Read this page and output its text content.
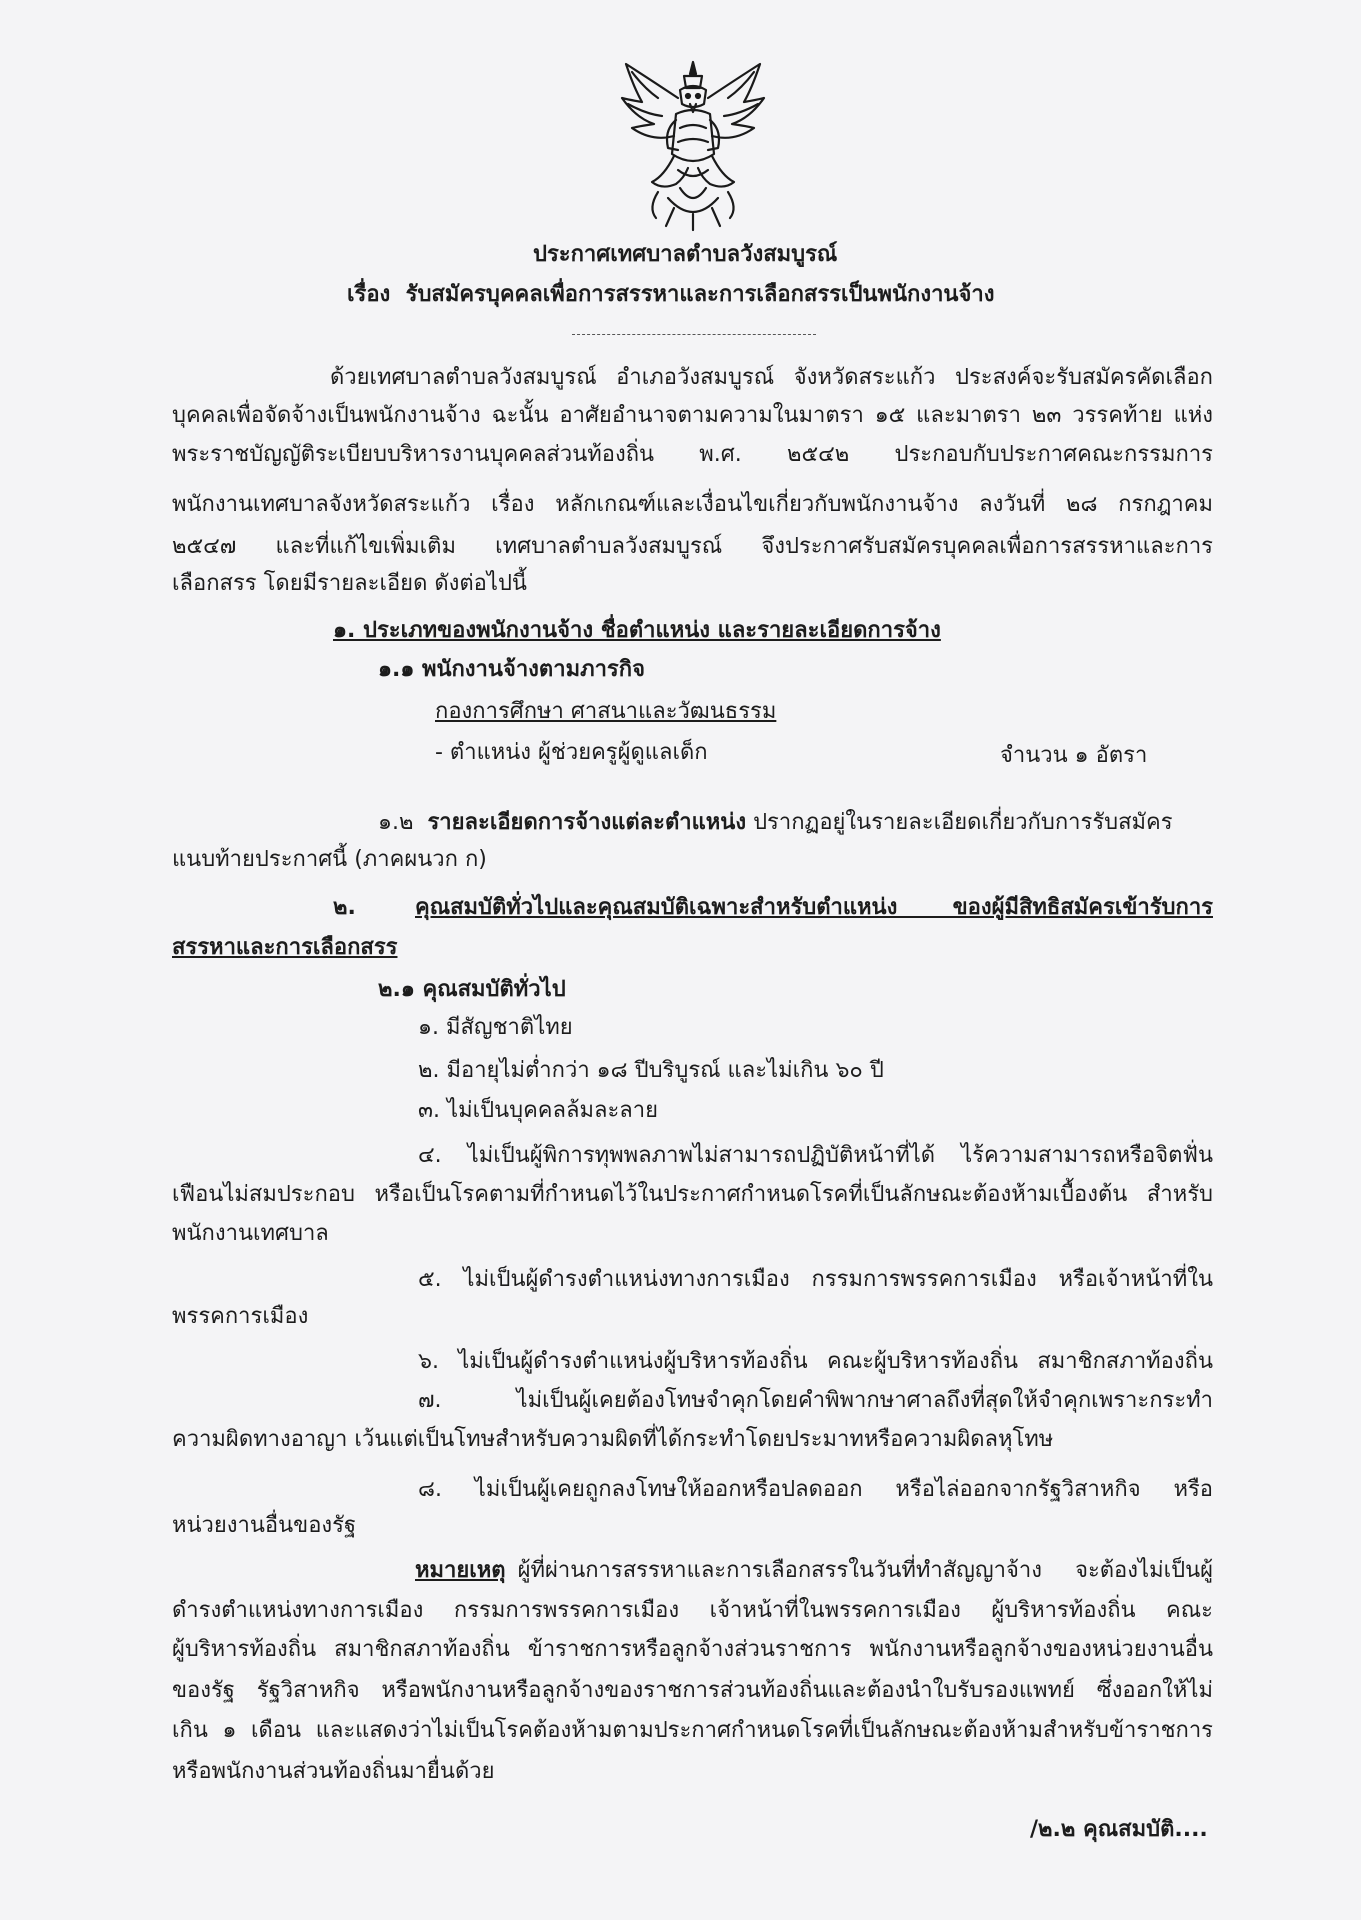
ประกาศเทศบาลตำบลวังสมบูรณ์
เรื่อง รับสมัครบุคคลเพื่อการสรรหาและการเลือกสรรเป็นพนักงานจ้าง
ด้วยเทศบาลตำบลวังสมบูรณ์ อำเภอวังสมบูรณ์ จังหวัดสระแก้ว ประสงค์จะรับสมัครคัดเลือก
บุคคลเพื่อจัดจ้างเป็นพนักงานจ้าง ฉะนั้น อาศัยอำนาจตามความในมาตรา ๑๕ และมาตรา ๒๓ วรรคท้าย แห่ง
พระราชบัญญัติระเบียบบริหารงานบุคคลส่วนท้องถิ่น พ.ศ. ๒๕๔๒ ประกอบกับประกาศคณะกรรมการ
พนักงานเทศบาลจังหวัดสระแก้ว เรื่อง หลักเกณฑ์และเงื่อนไขเกี่ยวกับพนักงานจ้าง ลงวันที่ ๒๘ กรกฎาคม
๒๕๔๗ และที่แก้ไขเพิ่มเติม เทศบาลตำบลวังสมบูรณ์ จึงประกาศรับสมัครบุคคลเพื่อการสรรหาและการ
เลือกสรร โดยมีรายละเอียด ดังต่อไปนี้
๑. ประเภทของพนักงานจ้าง ชื่อตำแหน่ง และรายละเอียดการจ้าง
๑.๑ พนักงานจ้างตามภารกิจ
กองการศึกษา ศาสนาและวัฒนธรรม
- ตำแหน่ง ผู้ช่วยครูผู้ดูแลเด็ก	จำนวน ๑ อัตรา
๑.๒ รายละเอียดการจ้างแต่ละตำแหน่ง ปรากฏอยู่ในรายละเอียดเกี่ยวกับการรับสมัคร
แนบท้ายประกาศนี้ (ภาคผนวก ก)
๒.	คุณสมบัติทั่วไปและคุณสมบัติเฉพาะสำหรับตำแหน่ง ของผู้มีสิทธิสมัครเข้ารับการ
สรรหาและการเลือกสรร
๒.๑ คุณสมบัติทั่วไป
๑. มีสัญชาติไทย
๒. มีอายุไม่ต่ำกว่า ๑๘ ปีบริบูรณ์ และไม่เกิน ๖๐ ปี
๓. ไม่เป็นบุคคลล้มละลาย
๔. ไม่เป็นผู้พิการทุพพลภาพไม่สามารถปฏิบัติหน้าที่ได้ ไร้ความสามารถหรือจิตฟั่น
เฟือนไม่สมประกอบ หรือเป็นโรคตามที่กำหนดไว้ในประกาศกำหนดโรคที่เป็นลักษณะต้องห้ามเบื้องต้น สำหรับ
พนักงานเทศบาล
๕. ไม่เป็นผู้ดำรงตำแหน่งทางการเมือง กรรมการพรรคการเมือง หรือเจ้าหน้าที่ใน
พรรคการเมือง
๖. ไม่เป็นผู้ดำรงตำแหน่งผู้บริหารท้องถิ่น คณะผู้บริหารท้องถิ่น สมาชิกสภาท้องถิ่น
๗. ไม่เป็นผู้เคยต้องโทษจำคุกโดยคำพิพากษาศาลถึงที่สุดให้จำคุกเพราะกระทำ
ความผิดทางอาญา เว้นแต่เป็นโทษสำหรับความผิดที่ได้กระทำโดยประมาทหรือความผิดลหุโทษ
๘. ไม่เป็นผู้เคยถูกลงโทษให้ออกหรือปลดออก หรือไล่ออกจากรัฐวิสาหกิจ หรือ
หน่วยงานอื่นของรัฐ
หมายเหตุ ผู้ที่ผ่านการสรรหาและการเลือกสรรในวันที่ทำสัญญาจ้าง จะต้องไม่เป็นผู้
ดำรงตำแหน่งทางการเมือง กรรมการพรรคการเมือง เจ้าหน้าที่ในพรรคการเมือง ผู้บริหารท้องถิ่น คณะ
ผู้บริหารท้องถิ่น สมาชิกสภาท้องถิ่น ข้าราชการหรือลูกจ้างส่วนราชการ พนักงานหรือลูกจ้างของหน่วยงานอื่น
ของรัฐ รัฐวิสาหกิจ หรือพนักงานหรือลูกจ้างของราชการส่วนท้องถิ่นและต้องนำใบรับรองแพทย์ ซึ่งออกให้ไม่
เกิน ๑ เดือน และแสดงว่าไม่เป็นโรคต้องห้ามตามประกาศกำหนดโรคที่เป็นลักษณะต้องห้ามสำหรับข้าราชการ
หรือพนักงานส่วนท้องถิ่นมายื่นด้วย
/๒.๒ คุณสมบัติ....
